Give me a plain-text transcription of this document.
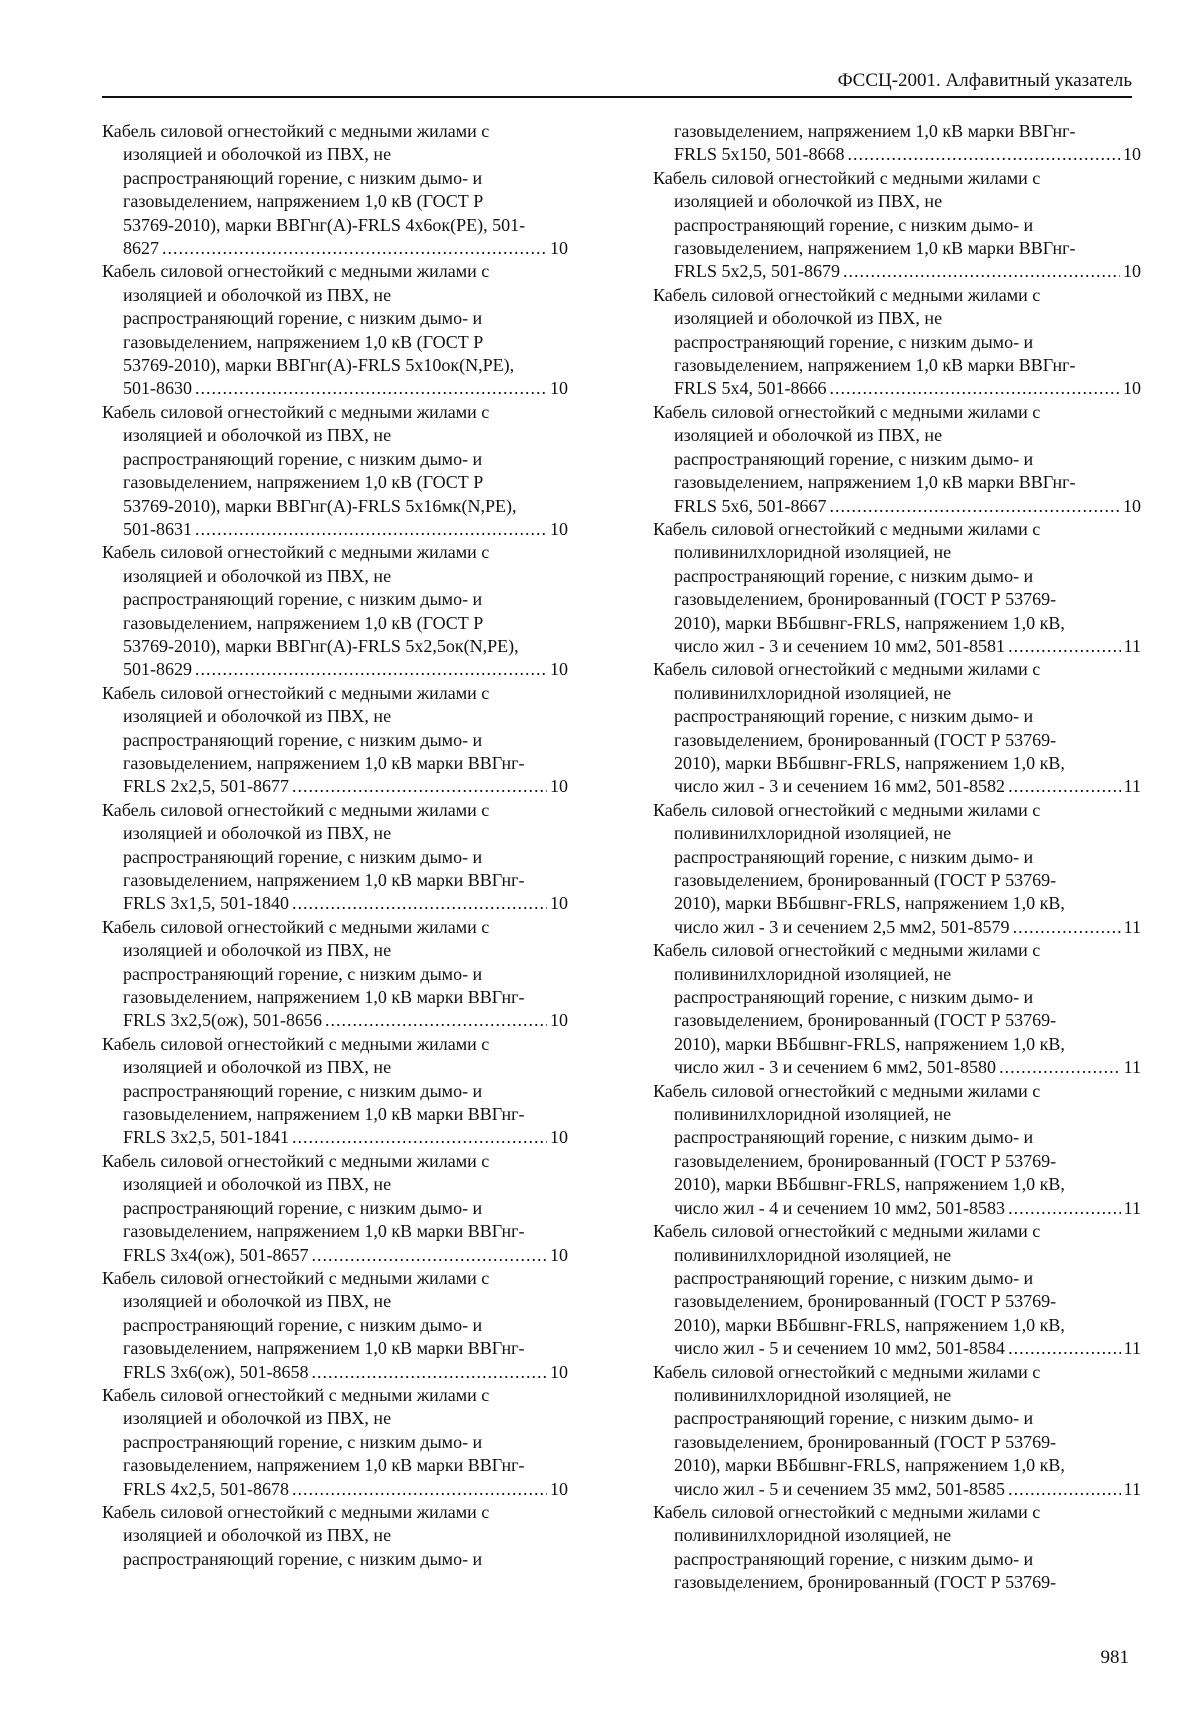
ФССЦ-2001. Алфавитный указатель
Кабель силовой огнестойкий с медными жилами с
изоляцией и оболочкой из ПВХ, не
распространяющий горение, с низким дымо- и
газовыделением, напряжением 1,0 кВ (ГОСТ Р
53769-2010), марки ВВГнг(А)-FRLS 4х6ок(PE), 501-
8627 .....	10
Кабель силовой огнестойкий с медными жилами с
изоляцией и оболочкой из ПВХ, не
распространяющий горение, с низким дымо- и
газовыделением, напряжением 1,0 кВ (ГОСТ Р
53769-2010), марки ВВГнг(А)-FRLS 5х10ок(N,PE),
501-8630 .....	10
Кабель силовой огнестойкий с медными жилами с
изоляцией и оболочкой из ПВХ, не
распространяющий горение, с низким дымо- и
газовыделением, напряжением 1,0 кВ (ГОСТ Р
53769-2010), марки ВВГнг(А)-FRLS 5х16мк(N,PE),
501-8631 .....	10
Кабель силовой огнестойкий с медными жилами с
изоляцией и оболочкой из ПВХ, не
распространяющий горение, с низким дымо- и
газовыделением, напряжением 1,0 кВ (ГОСТ Р
53769-2010), марки ВВГнг(А)-FRLS 5х2,5ок(N,PE),
501-8629 .....	10
Кабель силовой огнестойкий с медными жилами с
изоляцией и оболочкой из ПВХ, не
распространяющий горение, с низким дымо- и
газовыделением, напряжением 1,0 кВ марки ВВГнг-
FRLS 2х2,5, 501-8677 .....	10
Кабель силовой огнестойкий с медными жилами с
изоляцией и оболочкой из ПВХ, не
распространяющий горение, с низким дымо- и
газовыделением, напряжением 1,0 кВ марки ВВГнг-
FRLS 3х1,5, 501-1840 .....	10
Кабель силовой огнестойкий с медными жилами с
изоляцией и оболочкой из ПВХ, не
распространяющий горение, с низким дымо- и
газовыделением, напряжением 1,0 кВ марки ВВГнг-
FRLS 3х2,5(ож), 501-8656 .....	10
Кабель силовой огнестойкий с медными жилами с
изоляцией и оболочкой из ПВХ, не
распространяющий горение, с низким дымо- и
газовыделением, напряжением 1,0 кВ марки ВВГнг-
FRLS 3х2,5, 501-1841 .....	10
Кабель силовой огнестойкий с медными жилами с
изоляцией и оболочкой из ПВХ, не
распространяющий горение, с низким дымо- и
газовыделением, напряжением 1,0 кВ марки ВВГнг-
FRLS 3х4(ож), 501-8657 .....	10
Кабель силовой огнестойкий с медными жилами с
изоляцией и оболочкой из ПВХ, не
распространяющий горение, с низким дымо- и
газовыделением, напряжением 1,0 кВ марки ВВГнг-
FRLS 3х6(ож), 501-8658 .....	10
Кабель силовой огнестойкий с медными жилами с
изоляцией и оболочкой из ПВХ, не
распространяющий горение, с низким дымо- и
газовыделением, напряжением 1,0 кВ марки ВВГнг-
FRLS 4х2,5, 501-8678 .....	10
Кабель силовой огнестойкий с медными жилами с
изоляцией и оболочкой из ПВХ, не
распространяющий горение, с низким дымо- и
газовыделением, напряжением 1,0 кВ марки ВВГнг-
FRLS 5х150, 501-8668 .....	10
Кабель силовой огнестойкий с медными жилами с
изоляцией и оболочкой из ПВХ, не
распространяющий горение, с низким дымо- и
газовыделением, напряжением 1,0 кВ марки ВВГнг-
FRLS 5х2,5, 501-8679 .....	10
Кабель силовой огнестойкий с медными жилами с
изоляцией и оболочкой из ПВХ, не
распространяющий горение, с низким дымо- и
газовыделением, напряжением 1,0 кВ марки ВВГнг-
FRLS 5х4, 501-8666 .....	10
Кабель силовой огнестойкий с медными жилами с
изоляцией и оболочкой из ПВХ, не
распространяющий горение, с низким дымо- и
газовыделением, напряжением 1,0 кВ марки ВВГнг-
FRLS 5х6, 501-8667 .....	10
Кабель силовой огнестойкий с медными жилами с
поливинилхлоридной изоляцией, не
распространяющий горение, с низким дымо- и
газовыделением, бронированный (ГОСТ Р 53769-
2010), марки ВБбшвнг-FRLS, напряжением 1,0 кВ,
число жил - 3 и сечением 10 мм2, 501-8581 .....	11
Кабель силовой огнестойкий с медными жилами с
поливинилхлоридной изоляцией, не
распространяющий горение, с низким дымо- и
газовыделением, бронированный (ГОСТ Р 53769-
2010), марки ВБбшвнг-FRLS, напряжением 1,0 кВ,
число жил - 3 и сечением 16 мм2, 501-8582 .....	11
Кабель силовой огнестойкий с медными жилами с
поливинилхлоридной изоляцией, не
распространяющий горение, с низким дымо- и
газовыделением, бронированный (ГОСТ Р 53769-
2010), марки ВБбшвнг-FRLS, напряжением 1,0 кВ,
число жил - 3 и сечением 2,5 мм2, 501-8579 .....	11
Кабель силовой огнестойкий с медными жилами с
поливинилхлоридной изоляцией, не
распространяющий горение, с низким дымо- и
газовыделением, бронированный (ГОСТ Р 53769-
2010), марки ВБбшвнг-FRLS, напряжением 1,0 кВ,
число жил - 3 и сечением 6 мм2, 501-8580 .....	11
Кабель силовой огнестойкий с медными жилами с
поливинилхлоридной изоляцией, не
распространяющий горение, с низким дымо- и
газовыделением, бронированный (ГОСТ Р 53769-
2010), марки ВБбшвнг-FRLS, напряжением 1,0 кВ,
число жил - 4 и сечением 10 мм2, 501-8583 .....	11
Кабель силовой огнестойкий с медными жилами с
поливинилхлоридной изоляцией, не
распространяющий горение, с низким дымо- и
газовыделением, бронированный (ГОСТ Р 53769-
2010), марки ВБбшвнг-FRLS, напряжением 1,0 кВ,
число жил - 5 и сечением 10 мм2, 501-8584 .....	11
Кабель силовой огнестойкий с медными жилами с
поливинилхлоридной изоляцией, не
распространяющий горение, с низким дымо- и
газовыделением, бронированный (ГОСТ Р 53769-
2010), марки ВБбшвнг-FRLS, напряжением 1,0 кВ,
число жил - 5 и сечением 35 мм2, 501-8585 .....	11
Кабель силовой огнестойкий с медными жилами с
поливинилхлоридной изоляцией, не
распространяющий горение, с низким дымо- и
газовыделением, бронированный (ГОСТ Р 53769-
981
